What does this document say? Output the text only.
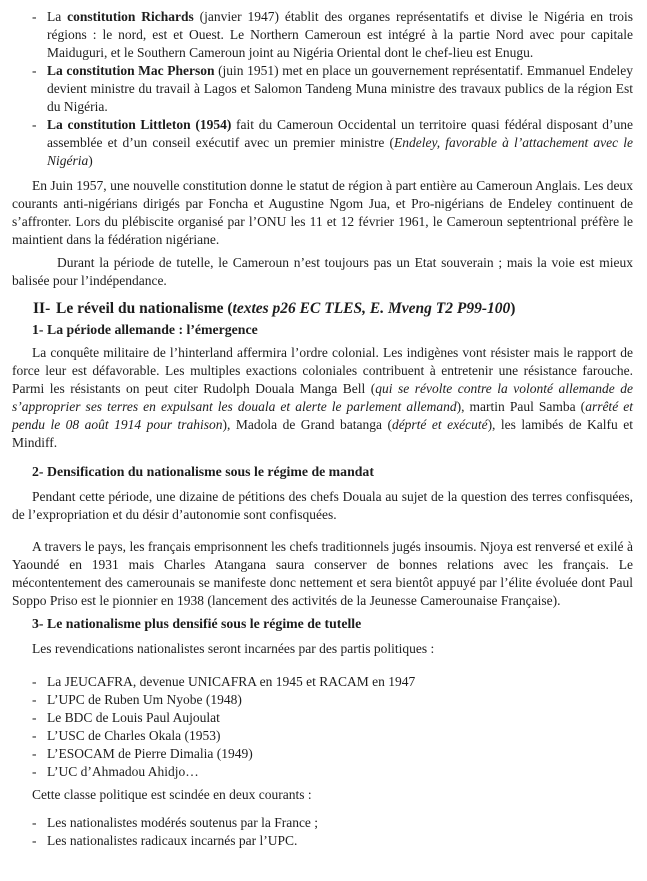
- La constitution Richards (janvier 1947) établit des organes représentatifs et divise le Nigéria en trois régions : le nord, est et Ouest. Le Northern Cameroun est intégré à la partie Nord avec pour capitale Maiduguri, et le Southern Cameroun joint au Nigéria Oriental dont le chef-lieu est Enugu.

- La constitution Mac Pherson (juin 1951) met en place un gouvernement représentatif. Emmanuel Endeley devient ministre du travail à Lagos et Salomon Tandeng Muna ministre des travaux publics de la région Est du Nigéria.

- La constitution Littleton (1954) fait du Cameroun Occidental un territoire quasi fédéral disposant d’une assemblée et d’un conseil exécutif avec un premier ministre (Endeley, favorable à l’attachement avec le Nigéria)

En Juin 1957, une nouvelle constitution donne le statut de région à part entière au Cameroun Anglais. Les deux courants anti-nigérians dirigés par Foncha et Augustine Ngom Jua, et Pro-nigérians de Endeley continuent de s’affronter. Lors du plébiscite organisé par l’ONU les 11 et 12 février 1961, le Cameroun septentrional préfère le maintient dans la fédération nigériane.

Durant la période de tutelle, le Cameroun n’est toujours pas un Etat souverain ; mais la voie est mieux balisée pour l’indépendance.

II- Le réveil du nationalisme (textes p26 EC TLES, E. Mveng T2 P99-100)
1- La période allemande : l’émergence

La conquête militaire de l’hinterland affermira l’ordre colonial. Les indigènes vont résister mais le rapport de force leur est défavorable. Les multiples exactions coloniales contribuent à entretenir une résistance farouche. Parmi les résistants on peut citer Rudolph Douala Manga Bell (qui se révolte contre la volonté allemande de s’approprier ses terres en expulsant les douala et alerte le parlement allemand), martin Paul Samba (arrêté et pendu le 08 août 1914 pour trahison), Madola de Grand batanga (déprté et exécuté), les lamibés de Kalfu et Mindiff.

2- Densification du nationalisme sous le régime de mandat

Pendant cette période, une dizaine de pétitions des chefs Douala au sujet de la question des terres confisquées, de l’expropriation et du désir d’autonomie sont confisquées.

A travers le pays, les français emprisonnent les chefs traditionnels jugés insoumis. Njoya est renversé et exilé à Yaoundé en 1931 mais Charles Atangana saura conserver de bonnes relations avec les français. Le mécontentement des camerounais se manifeste donc nettement et sera bientôt appuyé par l’élite évoluée dont Paul Soppo Priso est le pionnier en 1938 (lancement des activités de la Jeunesse Camerounaise Française).

3- Le nationalisme plus densifié sous le régime de tutelle

Les revendications nationalistes seront incarnées par des partis politiques :

- La JEUCAFRA, devenue UNICAFRA en 1945 et RACAM en 1947

- L’UPC de Ruben Um Nyobe (1948)

- Le BDC de Louis Paul Aujoulat

- L’USC de Charles Okala (1953)

- L’ESOCAM de Pierre Dimalia (1949)

- L’UC d’Ahmadou Ahidjo…

Cette classe politique est scindée en deux courants :

- Les nationalistes modérés soutenus par la France ;

- Les nationalistes radicaux incarnés par l’UPC.
